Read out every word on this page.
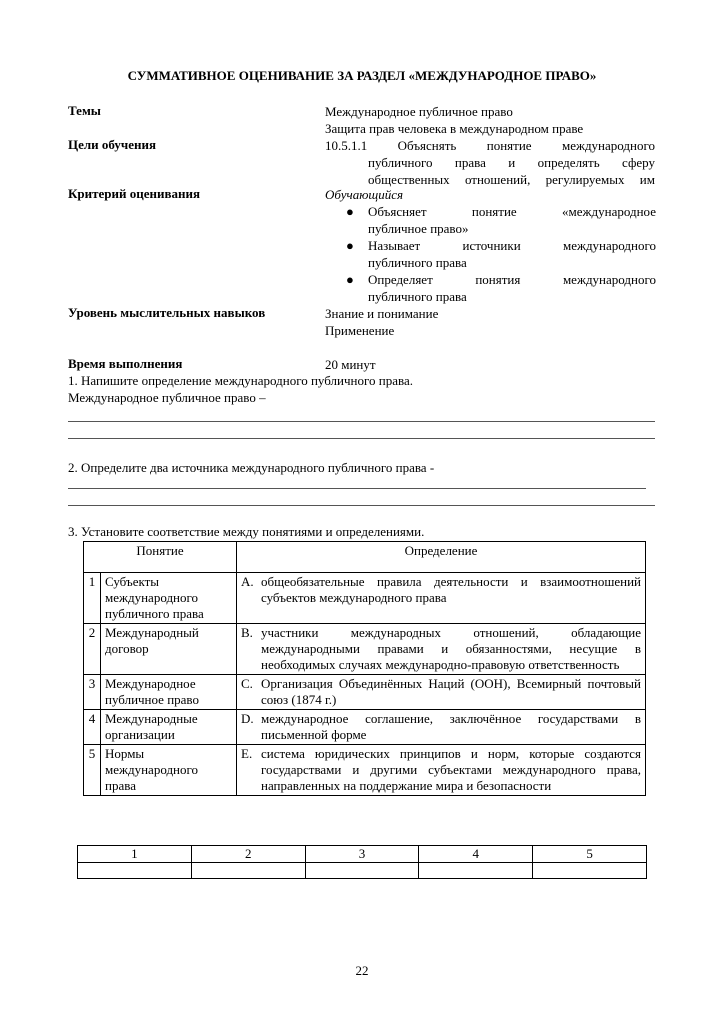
СУММАТИВНОЕ ОЦЕНИВАНИЕ ЗА РАЗДЕЛ «МЕЖДУНАРОДНОЕ ПРАВО»
Темы	Международное публичное право
Защита прав человека в международном праве
Цели обучения	10.5.1.1 Объяснять понятие международного
публичного права и определять сферу
общественных отношений, регулируемых им
Критерий оценивания	Обучающийся
● Объясняет понятие «международное
публичное право»
● Называет источники международного
публичного права
● Определяет понятия международного
публичного права
Уровень мыслительных навыков	Знание и понимание
Применение
Время выполнения	20 минут
1. Напишите определение международного публичного права.
Международное публичное право –
2. Определите два источника международного публичного права -
3. Установите соответствие между понятиями и определениями.
Понятие		Определение
1	Субъекты международного публичного права	A. общеобязательные правила деятельности и взаимоотношений субъектов международного права

2	Международный договор	B. участники международных отношений, обладающие международными правами и обязанностями, несущие в необходимых случаях международно-правовую ответственность

3	Международное публичное право	C. Организация Объединённых Наций (ООН), Всемирный почтовый союз (1874 г.)

4	Международные организации	D. международное соглашение, заключённое государствами в письменной форме

5	Нормы международного права	E. система юридических принципов и норм, которые создаются государствами и другими субъектами международного права, направленных на поддержание мира и безопасности
1	2	3	4	5

22
